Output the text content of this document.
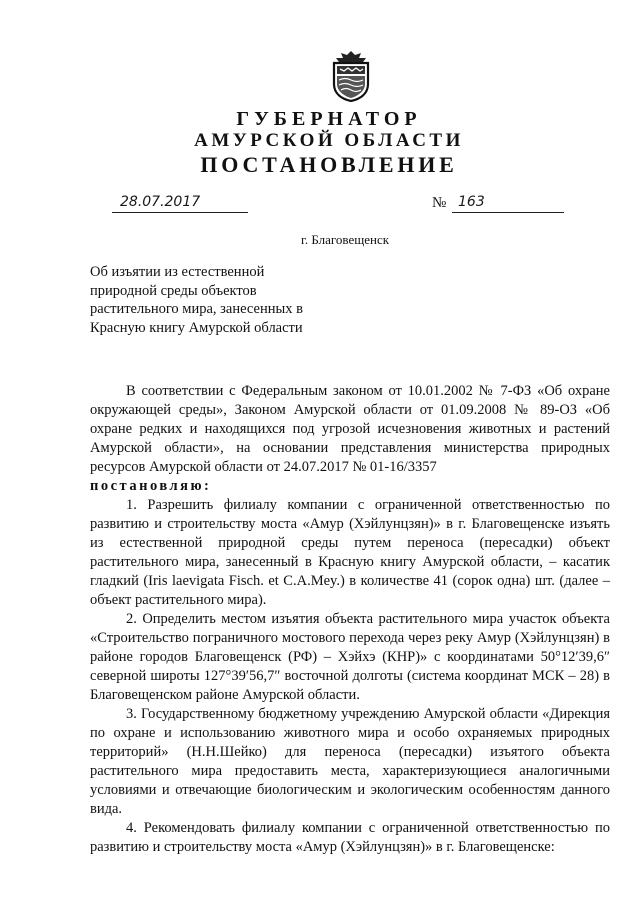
ГУБЕРНАТОР
АМУРСКОЙ ОБЛАСТИ
ПОСТАНОВЛЕНИЕ
28.07.2017	№ 163
г. Благовещенск
Об изъятии из естественной природной среды объектов растительного мира, занесенных в Красную книгу Амурской области

В соответствии с Федеральным законом от 10.01.2002 № 7-ФЗ «Об охране окружающей среды», Законом Амурской области от 01.09.2008 № 89-ОЗ «Об охране редких и находящихся под угрозой исчезновения животных и растений Амурской области», на основании представления министерства природных ресурсов Амурской области от 24.07.2017 № 01-16/3357

постановляю:

1. Разрешить филиалу компании с ограниченной ответственностью по развитию и строительству моста «Амур (Хэйлунцзян)» в г. Благовещенске изъять из естественной природной среды путем переноса (пересадки) объект растительного мира, занесенный в Красную книгу Амурской области, – касатик гладкий (Iris laevigata Fisch. et C.A.Mey.) в количестве 41 (сорок одна) шт. (далее – объект растительного мира).

2. Определить местом изъятия объекта растительного мира участок объекта «Строительство пограничного мостового перехода через реку Амур (Хэйлунцзян) в районе городов Благовещенск (РФ) – Хэйхэ (КНР)» с координатами 50°12′39,6″ северной широты 127°39′56,7″ восточной долготы (система координат МСК – 28) в Благовещенском районе Амурской области.

3. Государственному бюджетному учреждению Амурской области «Дирекция по охране и использованию животного мира и особо охраняемых природных территорий» (Н.Н.Шейко) для переноса (пересадки) изъятого объекта растительного мира предоставить места, характеризующиеся аналогичными условиями и отвечающие биологическим и экологическим особенностям данного вида.

4. Рекомендовать филиалу компании с ограниченной ответственностью по развитию и строительству моста «Амур (Хэйлунцзян)» в г. Благовещенске:
